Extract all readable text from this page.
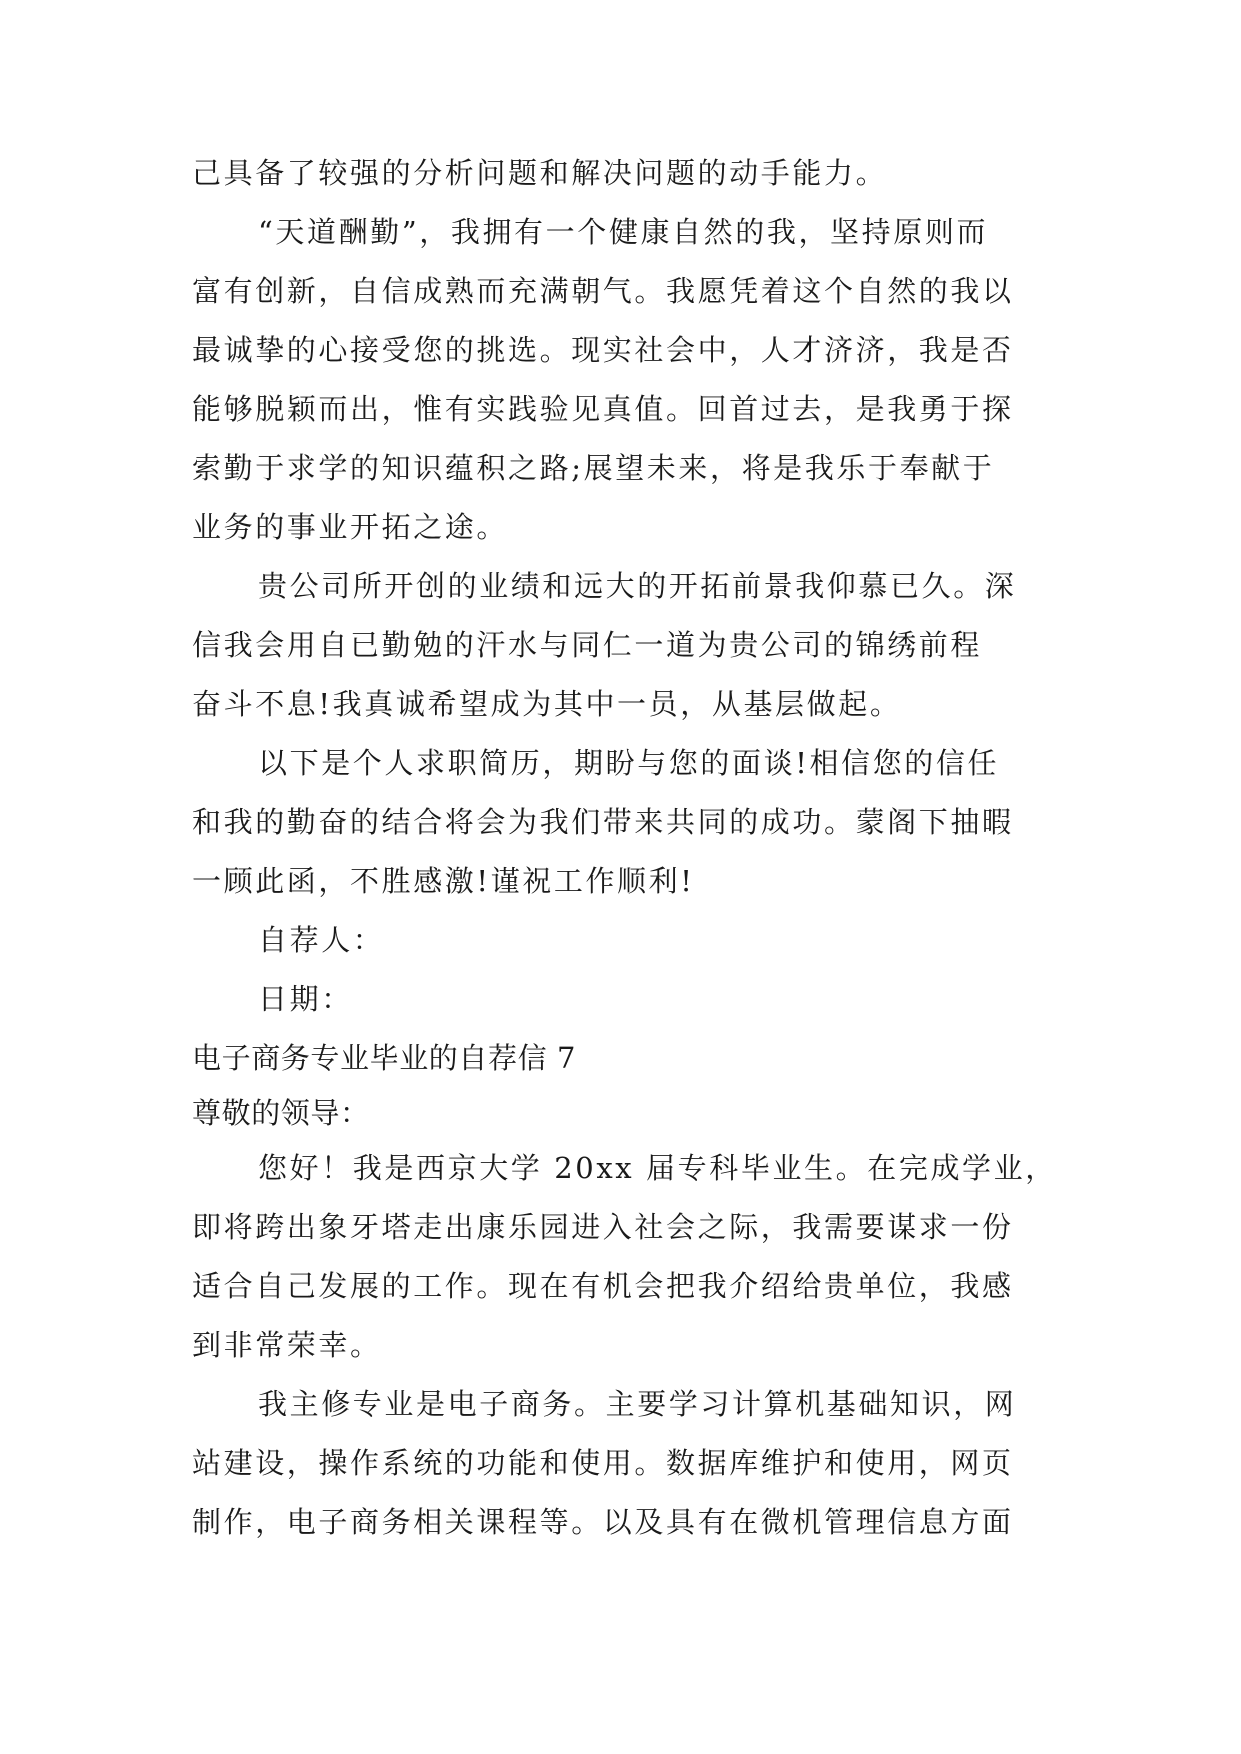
己具备了较强的分析问题和解决问题的动手能力。
“天道酬勤”，我拥有一个健康自然的我，坚持原则而
富有创新，自信成熟而充满朝气。我愿凭着这个自然的我以
最诚挚的心接受您的挑选。现实社会中，人才济济，我是否
能够脱颖而出，惟有实践验见真值。回首过去，是我勇于探
索勤于求学的知识蕴积之路;展望未来，将是我乐于奉献于
业务的事业开拓之途。
贵公司所开创的业绩和远大的开拓前景我仰慕已久。深
信我会用自已勤勉的汗水与同仁一道为贵公司的锦绣前程
奋斗不息!我真诚希望成为其中一员，从基层做起。
以下是个人求职简历，期盼与您的面谈!相信您的信任
和我的勤奋的结合将会为我们带来共同的成功。蒙阁下抽暇
一顾此函，不胜感激!谨祝工作顺利!
自荐人：
日期：
电子商务专业毕业的自荐信 7
尊敬的领导：
您好！我是西京大学 20xx 届专科毕业生。在完成学业，
即将跨出象牙塔走出康乐园进入社会之际，我需要谋求一份
适合自己发展的工作。现在有机会把我介绍给贵单位，我感
到非常荣幸。
我主修专业是电子商务。主要学习计算机基础知识，网
站建设，操作系统的功能和使用。数据库维护和使用，网页
制作，电子商务相关课程等。以及具有在微机管理信息方面
